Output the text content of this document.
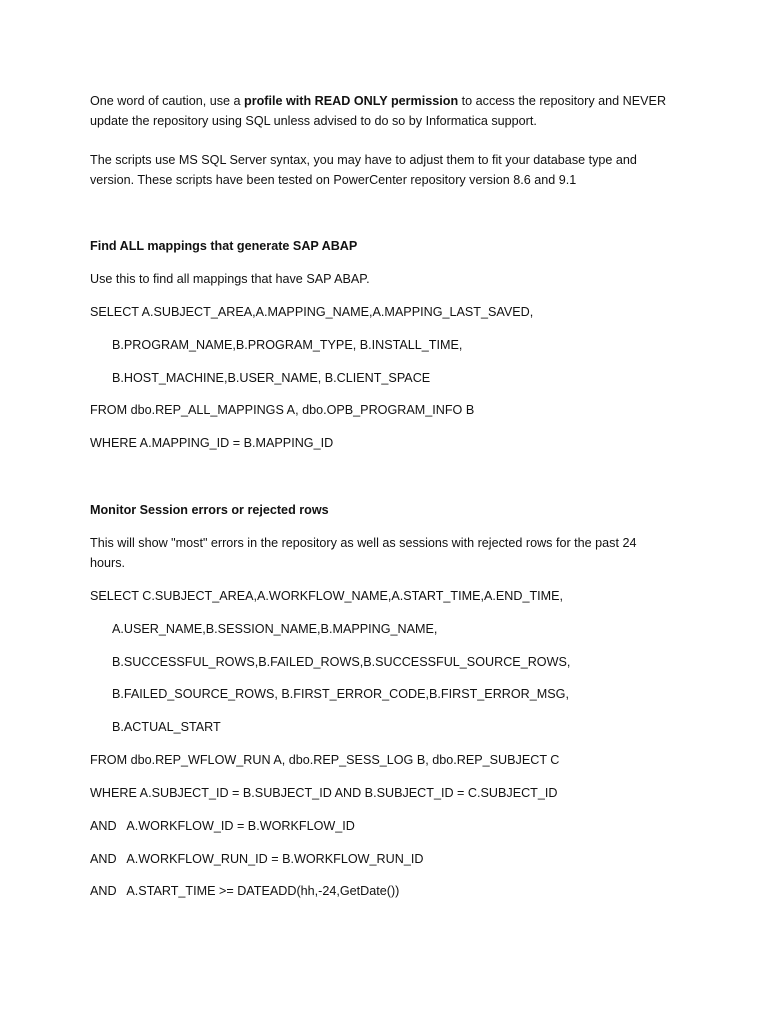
One word of caution, use a profile with READ ONLY permission to access the repository and NEVER
update the repository using SQL unless advised to do so by Informatica support.
The scripts use MS SQL Server syntax, you may have to adjust them to fit your database type and
version. These scripts have been tested on PowerCenter repository version 8.6 and 9.1
Find ALL mappings that generate SAP ABAP
Use this to find all mappings that have SAP ABAP.
SELECT A.SUBJECT_AREA,A.MAPPING_NAME,A.MAPPING_LAST_SAVED,
B.PROGRAM_NAME,B.PROGRAM_TYPE, B.INSTALL_TIME,
B.HOST_MACHINE,B.USER_NAME, B.CLIENT_SPACE
FROM dbo.REP_ALL_MAPPINGS A, dbo.OPB_PROGRAM_INFO B
WHERE A.MAPPING_ID = B.MAPPING_ID
Monitor Session errors or rejected rows
This will show "most" errors in the repository as well as sessions with rejected rows for the past 24
hours.
SELECT C.SUBJECT_AREA,A.WORKFLOW_NAME,A.START_TIME,A.END_TIME,
A.USER_NAME,B.SESSION_NAME,B.MAPPING_NAME,
B.SUCCESSFUL_ROWS,B.FAILED_ROWS,B.SUCCESSFUL_SOURCE_ROWS,
B.FAILED_SOURCE_ROWS, B.FIRST_ERROR_CODE,B.FIRST_ERROR_MSG,
B.ACTUAL_START
FROM dbo.REP_WFLOW_RUN A, dbo.REP_SESS_LOG B, dbo.REP_SUBJECT C
WHERE A.SUBJECT_ID = B.SUBJECT_ID AND B.SUBJECT_ID = C.SUBJECT_ID
AND   A.WORKFLOW_ID = B.WORKFLOW_ID
AND   A.WORKFLOW_RUN_ID = B.WORKFLOW_RUN_ID
AND   A.START_TIME >= DATEADD(hh,-24,GetDate())
